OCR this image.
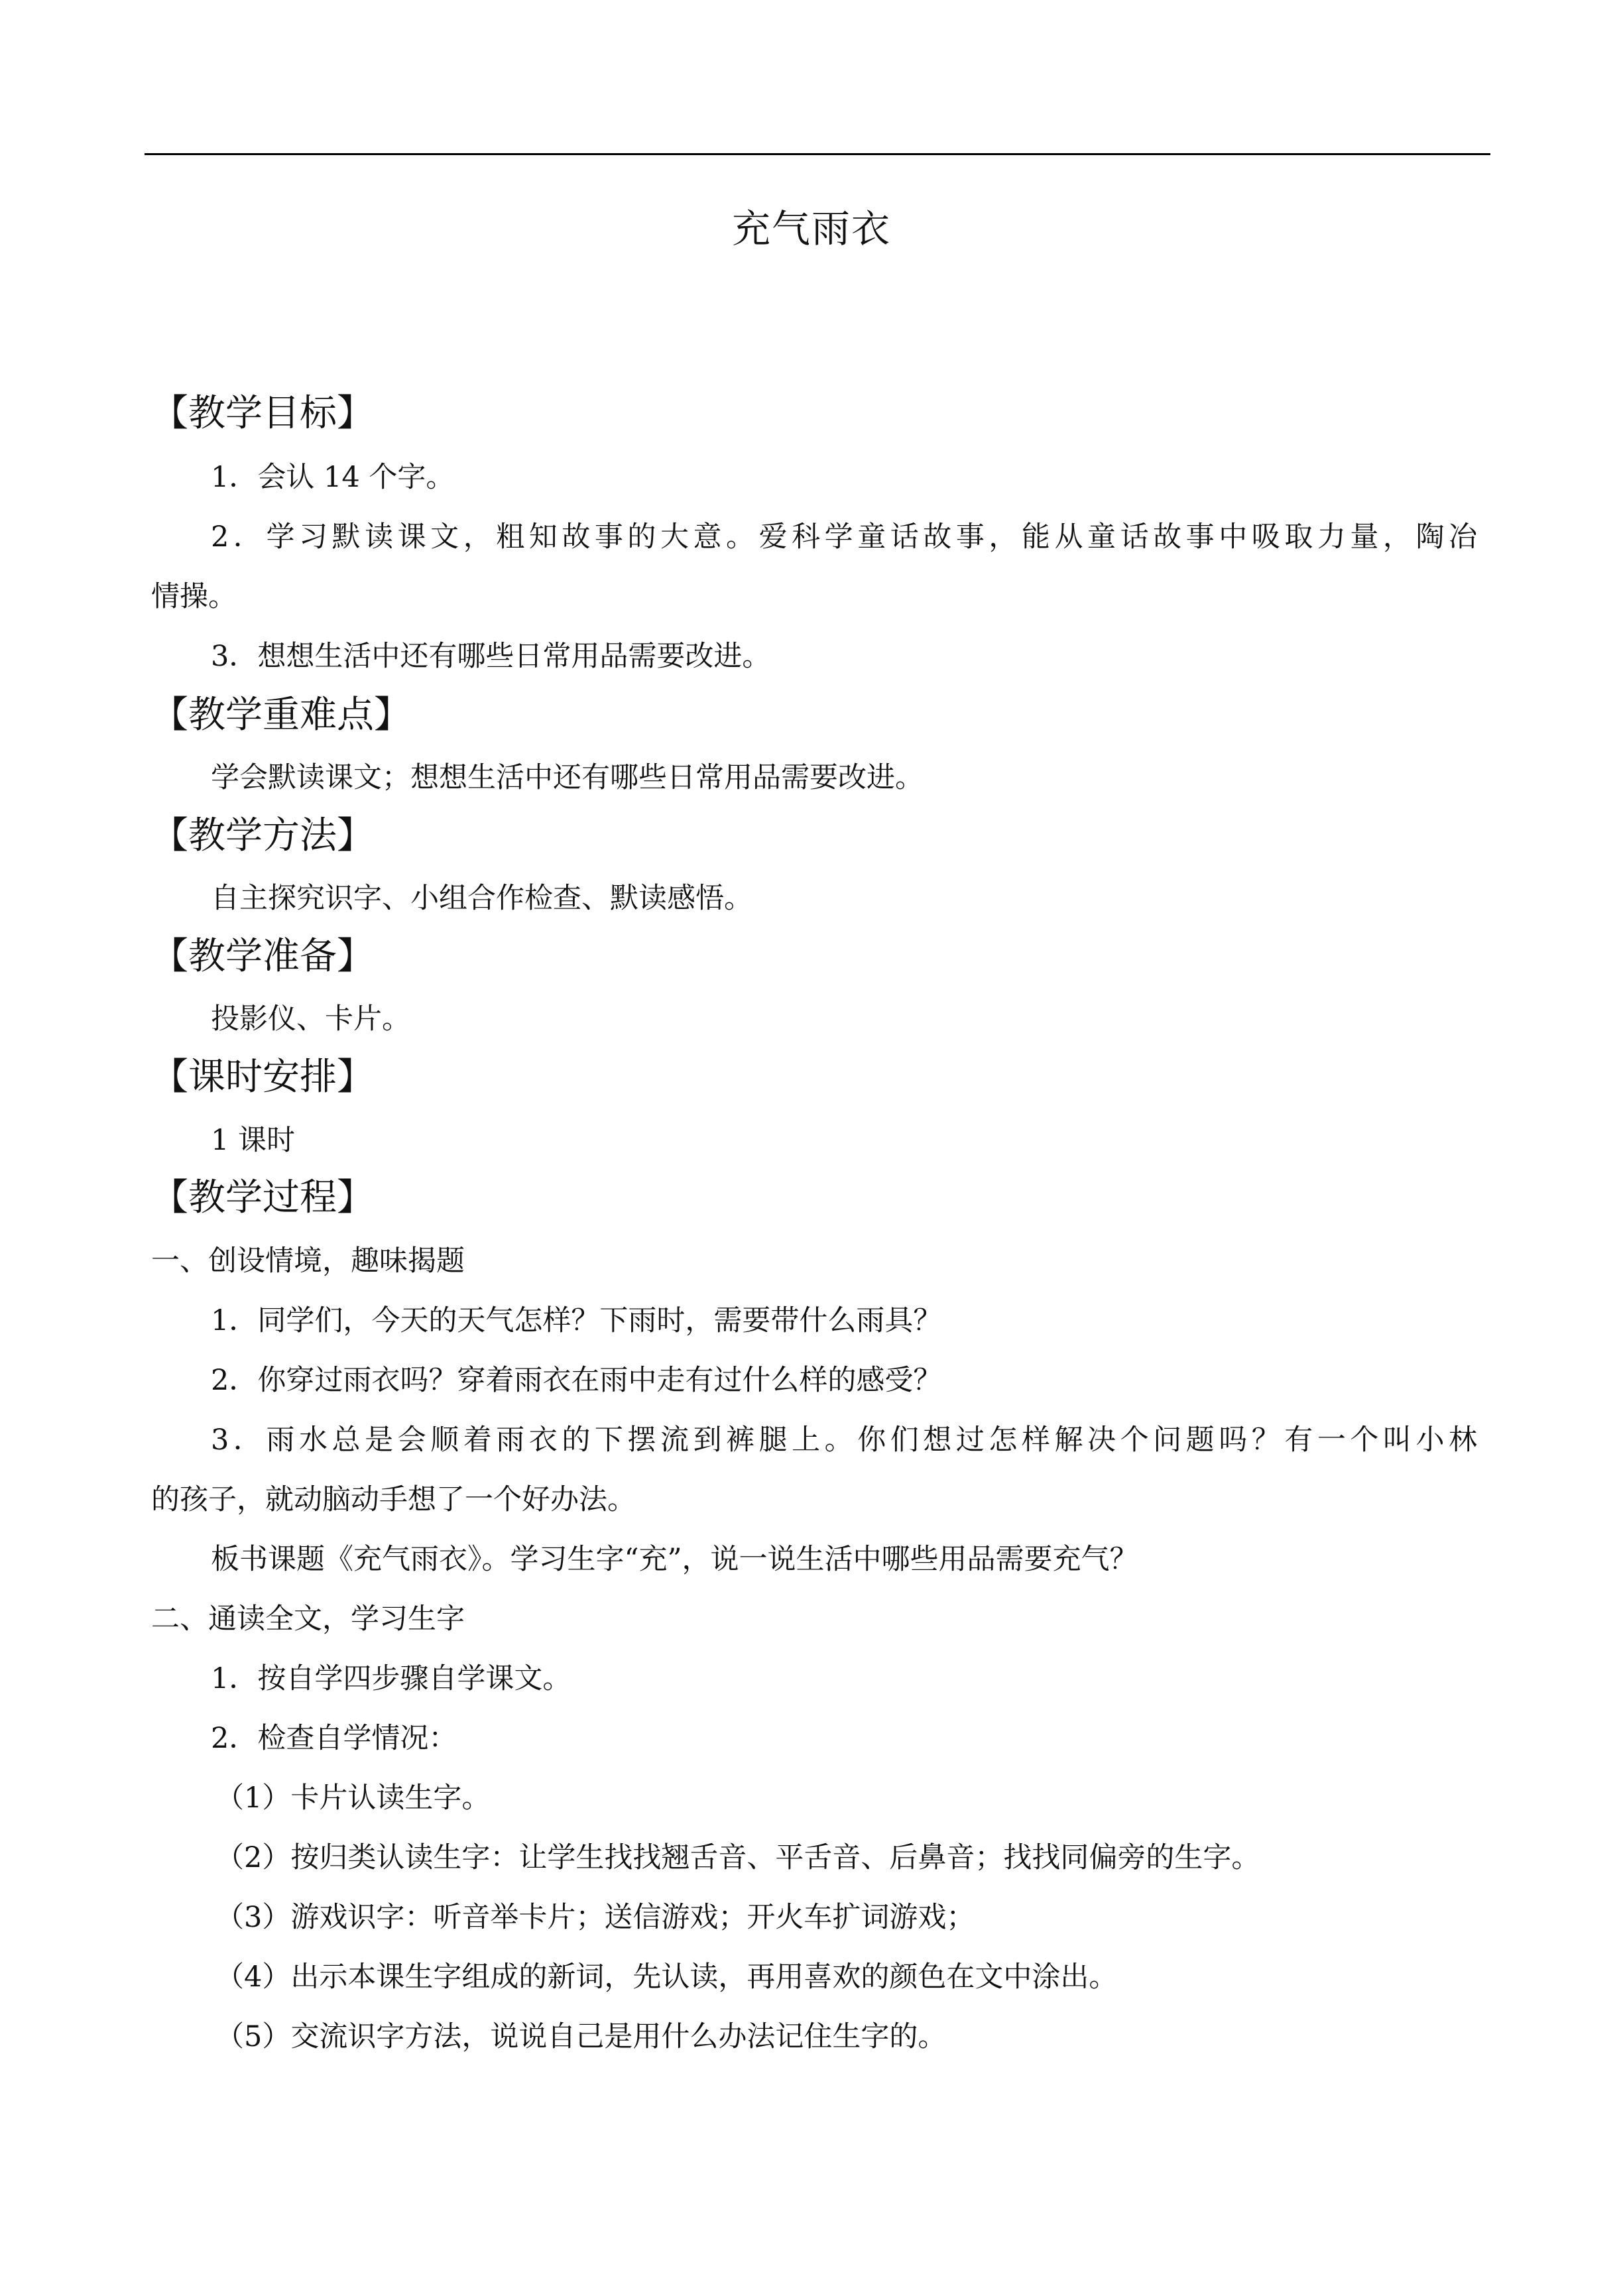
充气雨衣
【教学目标】
1．会认 14 个字。
2．学习默读课文，粗知故事的大意。爱科学童话故事，能从童话故事中吸取力量，陶冶
情操。
3．想想生活中还有哪些日常用品需要改进。
【教学重难点】
学会默读课文；想想生活中还有哪些日常用品需要改进。
【教学方法】
自主探究识字、小组合作检查、默读感悟。
【教学准备】
投影仪、卡片。
【课时安排】
1 课时
【教学过程】
一、创设情境，趣味揭题
1．同学们，今天的天气怎样？下雨时，需要带什么雨具？
2．你穿过雨衣吗？穿着雨衣在雨中走有过什么样的感受？
3．雨水总是会顺着雨衣的下摆流到裤腿上。你们想过怎样解决个问题吗？有一个叫小林
的孩子，就动脑动手想了一个好办法。
板书课题《充气雨衣》。学习生字“充”，说一说生活中哪些用品需要充气？
二、通读全文，学习生字
1．按自学四步骤自学课文。
2．检查自学情况：
（1）卡片认读生字。
（2）按归类认读生字：让学生找找翘舌音、平舌音、后鼻音；找找同偏旁的生字。
（3）游戏识字：听音举卡片；送信游戏；开火车扩词游戏；
（4）出示本课生字组成的新词，先认读，再用喜欢的颜色在文中涂出。
（5）交流识字方法，说说自己是用什么办法记住生字的。
